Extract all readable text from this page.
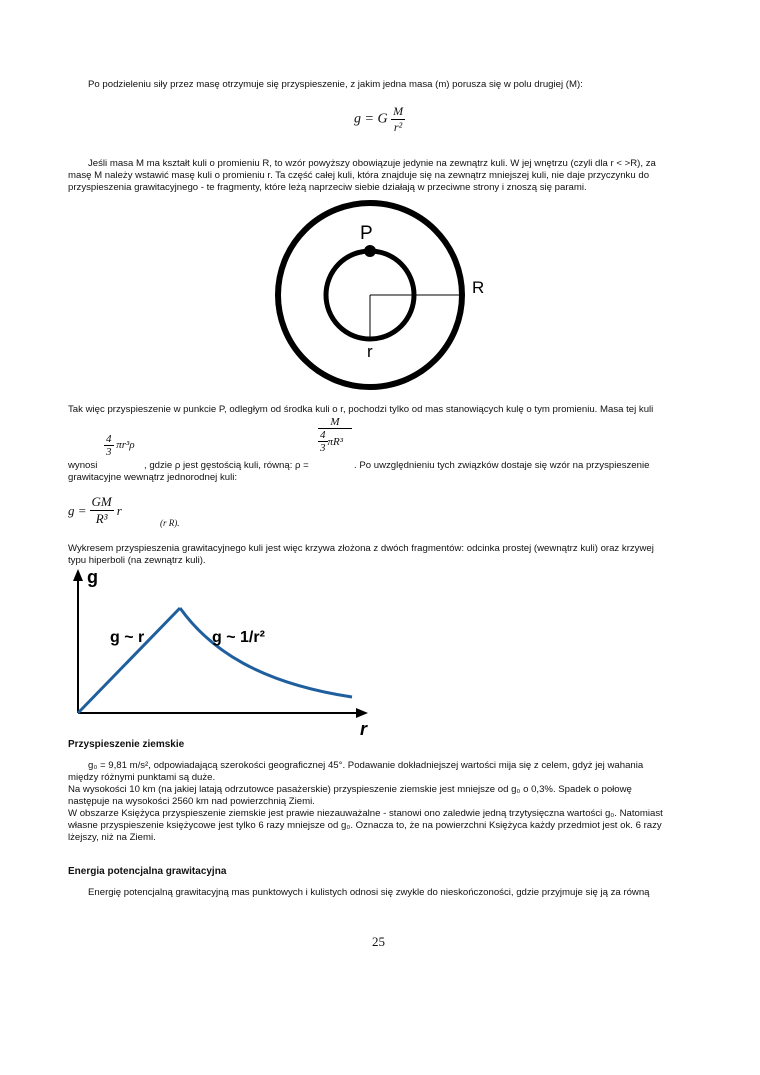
Po podzieleniu siły przez masę otrzymuje się przyspieszenie, z jakim jedna masa (m) porusza się w polu drugiej (M):
g = G $\frac{M}{\text{r²}}$
Jeśli masa M ma kształt kuli o promieniu R, to wzór powyższy obowiązuje jedynie na zewnątrz kuli. W jej wnętrzu (czyli dla r < >R), za
masę M należy wstawić masę kuli o promieniu r. Ta część całej kuli, która znajduje się na zewnątrz mniejszej kuli, nie daje przyczynku do
przyspieszenia grawitacyjnego - te fragmenty, które leżą naprzeciw siebie działają w przeciwne strony i znoszą się parami.
P
R
r
Tak więc przyspieszenie w punkcie P, odległym od środka kuli o r, pochodzi tylko od mas stanowiących kulę o tym promieniu. Masa tej kuli
$\frac{4}{3} \pi r^3\rho$
M
$\frac{4}{3} \pi R^3$
wynosi	, gdzie ρ jest gęstością kuli, równą: ρ =	. Po uwzględnieniu tych związków dostaje się wzór na przyspieszenie
grawitacyjne wewnątrz jednorodnej kuli:
$g = \frac{GM}{\text{R³}}$ r
(r R).
Wykresem przyspieszenia grawitacyjnego kuli jest więc krzywa złożona z dwóch fragmentów: odcinka prostej (wewnątrz kuli) oraz krzywej
typu hiperboli (na zewnątrz kuli).
g
r
g ~ r	g ~ 1/r²
Przyspieszenie ziemskie
g₀ = 9,81 m/s², odpowiadającą szerokości geograficznej 45°. Podawanie dokładniejszej wartości mija się z celem, gdyż jej wahania
między różnymi punktami są duże.
Na wysokości 10 km (na jakiej latają odrzutowce pasażerskie) przyspieszenie ziemskie jest mniejsze od g₀ o 0,3%. Spadek o połowę
następuje na wysokości 2560 km nad powierzchnią Ziemi.
W obszarze Księżyca przyspieszenie ziemskie jest prawie niezauważalne - stanowi ono zaledwie jedną trzytysięczna wartości g₀. Natomiast
własne przyspieszenie księżycowe jest tylko 6 razy mniejsze od g₀. Oznacza to, że na powierzchni Księżyca każdy przedmiot jest ok. 6 razy
lżejszy, niż na Ziemi.
Energia potencjalna grawitacyjna
Energię potencjalną grawitacyjną mas punktowych i kulistych odnosi się zwykle do nieskończoności, gdzie przyjmuje się ją za równą
25
